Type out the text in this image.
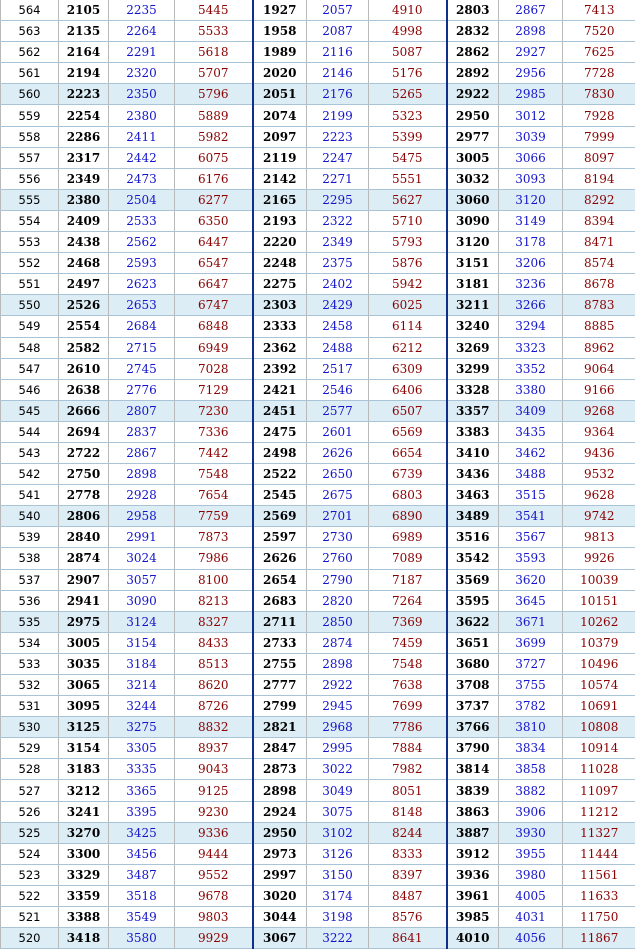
564	2105	2235	5445	1927	2057	4910	2803	2867	7413
563	2135	2264	5533	1958	2087	4998	2832	2898	7520
562	2164	2291	5618	1989	2116	5087	2862	2927	7625
561	2194	2320	5707	2020	2146	5176	2892	2956	7728
560	2223	2350	5796	2051	2176	5265	2922	2985	7830
559	2254	2380	5889	2074	2199	5323	2950	3012	7928
558	2286	2411	5982	2097	2223	5399	2977	3039	7999
557	2317	2442	6075	2119	2247	5475	3005	3066	8097
556	2349	2473	6176	2142	2271	5551	3032	3093	8194
555	2380	2504	6277	2165	2295	5627	3060	3120	8292
554	2409	2533	6350	2193	2322	5710	3090	3149	8394
553	2438	2562	6447	2220	2349	5793	3120	3178	8471
552	2468	2593	6547	2248	2375	5876	3151	3206	8574
551	2497	2623	6647	2275	2402	5942	3181	3236	8678
550	2526	2653	6747	2303	2429	6025	3211	3266	8783
549	2554	2684	6848	2333	2458	6114	3240	3294	8885
548	2582	2715	6949	2362	2488	6212	3269	3323	8962
547	2610	2745	7028	2392	2517	6309	3299	3352	9064
546	2638	2776	7129	2421	2546	6406	3328	3380	9166
545	2666	2807	7230	2451	2577	6507	3357	3409	9268
544	2694	2837	7336	2475	2601	6569	3383	3435	9364
543	2722	2867	7442	2498	2626	6654	3410	3462	9436
542	2750	2898	7548	2522	2650	6739	3436	3488	9532
541	2778	2928	7654	2545	2675	6803	3463	3515	9628
540	2806	2958	7759	2569	2701	6890	3489	3541	9742
539	2840	2991	7873	2597	2730	6989	3516	3567	9813
538	2874	3024	7986	2626	2760	7089	3542	3593	9926
537	2907	3057	8100	2654	2790	7187	3569	3620	10039
536	2941	3090	8213	2683	2820	7264	3595	3645	10151
535	2975	3124	8327	2711	2850	7369	3622	3671	10262
534	3005	3154	8433	2733	2874	7459	3651	3699	10379
533	3035	3184	8513	2755	2898	7548	3680	3727	10496
532	3065	3214	8620	2777	2922	7638	3708	3755	10574
531	3095	3244	8726	2799	2945	7699	3737	3782	10691
530	3125	3275	8832	2821	2968	7786	3766	3810	10808
529	3154	3305	8937	2847	2995	7884	3790	3834	10914
528	3183	3335	9043	2873	3022	7982	3814	3858	11028
527	3212	3365	9125	2898	3049	8051	3839	3882	11097
526	3241	3395	9230	2924	3075	8148	3863	3906	11212
525	3270	3425	9336	2950	3102	8244	3887	3930	11327
524	3300	3456	9444	2973	3126	8333	3912	3955	11444
523	3329	3487	9552	2997	3150	8397	3936	3980	11561
522	3359	3518	9678	3020	3174	8487	3961	4005	11633
521	3388	3549	9803	3044	3198	8576	3985	4031	11750
520	3418	3580	9929	3067	3222	8641	4010	4056	11867
